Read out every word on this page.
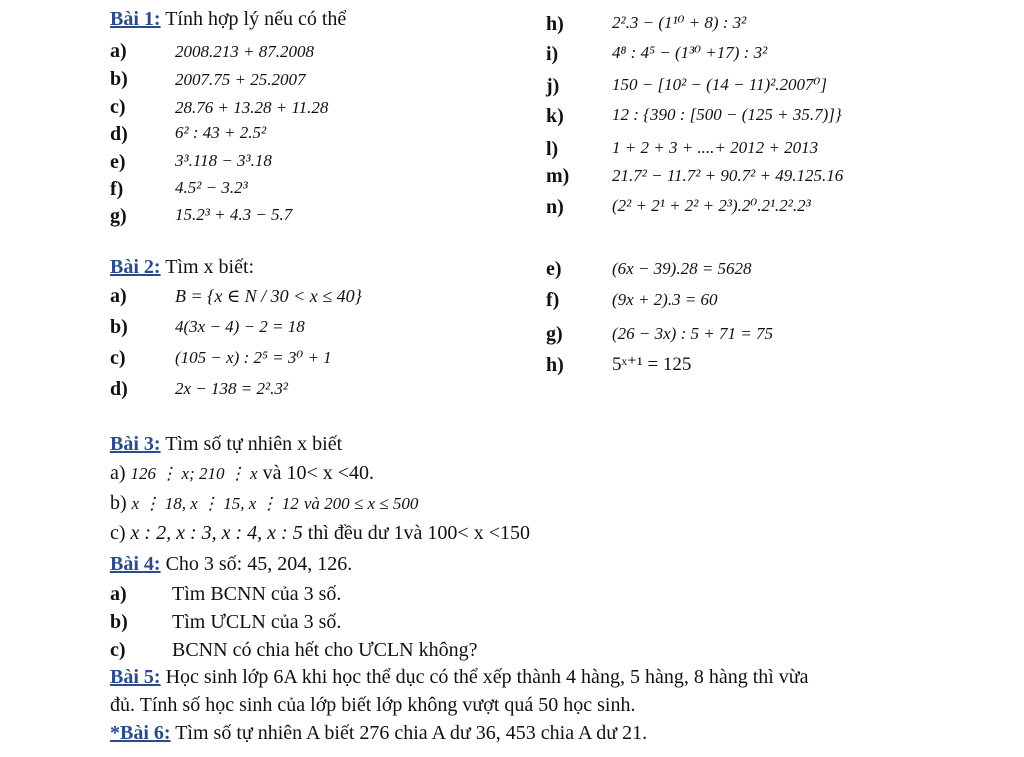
Bài 1: Tính hợp lý nếu có thể
a)	2008.213 + 87.2008
b)	2007.75 + 25.2007
c)	28.76 + 13.28 + 11.28
d)	6² : 43 + 2.5²
e)	3³.118 − 3³.18
f)	4.5² − 3.2³
g)	15.2³ + 4.3 − 5.7
h)	2².3 − (1¹⁰ + 8) : 3²
i)	4⁸ : 4⁵ − (1³⁰ +17) : 3²
j)	150 − [10² − (14 − 11)².2007⁰]
k)	12 : {390 : [500 − (125 + 35.7)]}
l)	1 + 2 + 3 + ....+ 2012 + 2013
m)	21.7² − 11.7² + 90.7² + 49.125.16
n)	(2² + 2¹ + 2² + 2³).2⁰.2¹.2².2³
Bài 2: Tìm x biết:
a)	B = {x ∈ N / 30 < x ≤ 40}
b)	4(3x − 4) − 2 = 18
c)	(105 − x) : 2⁵ = 3⁰ + 1
d)	2x − 138 = 2².3²
e)	(6x − 39).28 = 5628
f)	(9x + 2).3 = 60
g)	(26 − 3x) : 5 + 71 = 75
h)	5ˣ⁺¹ = 125
Bài 3: Tìm số tự nhiên x biết
a) 126 ⋮ x; 210 ⋮ x và 10< x <40.
b) x ⋮ 18, x ⋮ 15, x ⋮ 12 và 200 ≤ x ≤ 500
c) x : 2, x : 3, x : 4, x : 5 thì đều dư 1và 100< x <150
Bài 4: Cho 3 số: 45, 204, 126.
a) Tìm BCNN của 3 số.
b) Tìm ƯCLN của 3 số.
c) BCNN có chia hết cho ƯCLN không?
Bài 5: Học sinh lớp 6A khi học thể dục có thể xếp thành 4 hàng, 5 hàng, 8 hàng thì vừa
đủ. Tính số học sinh của lớp biết lớp không vượt quá 50 học sinh.
*Bài 6: Tìm số tự nhiên A biết 276 chia A dư 36, 453 chia A dư 21.
